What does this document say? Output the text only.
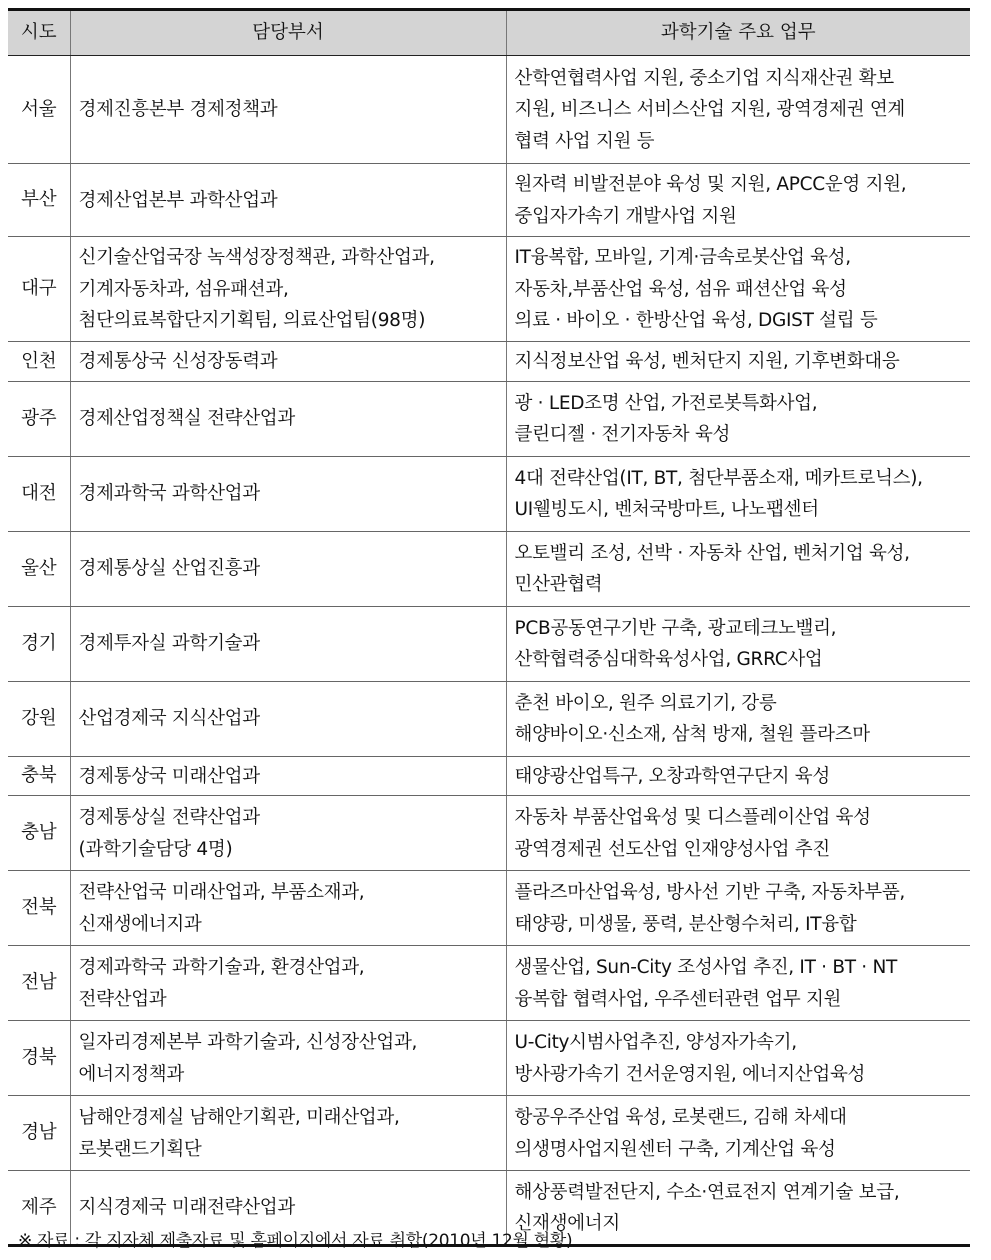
시도	담당부서	과학기술 주요 업무
서울	경제진흥본부 경제정책과	산학연협력사업 지원, 중소기업 지식재산권 확보
지원, 비즈니스 서비스산업 지원, 광역경제권 연계
협력 사업 지원 등

부산	경제산업본부 과학산업과	원자력 비발전분야 육성 및 지원, APCC운영 지원,
중입자가속기 개발사업 지원

대구	신기술산업국장 녹색성장정책관, 과학산업과,
기계자동차과, 섬유패션과,
첨단의료복합단지기획팀, 의료산업팀(98명)	IT융복합, 모바일, 기계·금속로봇산업 육성,
자동차,부품산업 육성, 섬유 패션산업 육성
의료 · 바이오 · 한방산업 육성, DGIST 설립 등

인천	경제통상국 신성장동력과	지식정보산업 육성, 벤처단지 지원, 기후변화대응

광주	경제산업정책실 전략산업과	광 · LED조명 산업, 가전로봇특화사업,
클린디젤 · 전기자동차 육성

대전	경제과학국 과학산업과	4대 전략산업(IT, BT, 첨단부품소재, 메카트로닉스),
UI웰빙도시, 벤처국방마트, 나노팹센터

울산	경제통상실 산업진흥과	오토밸리 조성, 선박 · 자동차 산업, 벤처기업 육성,
민산관협력

경기	경제투자실 과학기술과	PCB공동연구기반 구축, 광교테크노밸리,
산학협력중심대학육성사업, GRRC사업

강원	산업경제국 지식산업과	춘천 바이오, 원주 의료기기, 강릉
해양바이오·신소재, 삼척 방재, 철원 플라즈마

충북	경제통상국 미래산업과	태양광산업특구, 오창과학연구단지 육성

충남	경제통상실 전략산업과
(과학기술담당 4명)	자동차 부품산업육성 및 디스플레이산업 육성
광역경제권 선도산업 인재양성사업 추진

전북	전략산업국 미래산업과, 부품소재과,
신재생에너지과	플라즈마산업육성, 방사선 기반 구축, 자동차부품,
태양광, 미생물, 풍력, 분산형수처리, IT융합

전남	경제과학국 과학기술과, 환경산업과,
전략산업과	생물산업, Sun-City 조성사업 추진, IT · BT · NT
융복합 협력사업, 우주센터관련 업무 지원

경북	일자리경제본부 과학기술과, 신성장산업과,
에너지정책과	U-City시범사업추진, 양성자가속기,
방사광가속기 건서운영지원, 에너지산업육성

경남	남해안경제실 남해안기획관, 미래산업과,
로봇랜드기획단	항공우주산업 육성, 로봇랜드, 김해 차세대
의생명사업지원센터 구축, 기계산업 육성

제주	지식경제국 미래전략산업과	해상풍력발전단지, 수소·연료전지 연계기술 보급,
신재생에너지
※ 자료 : 각 지자체 제출자료 및 홈페이지에서 자료 취합(2010년 12월 현황)
